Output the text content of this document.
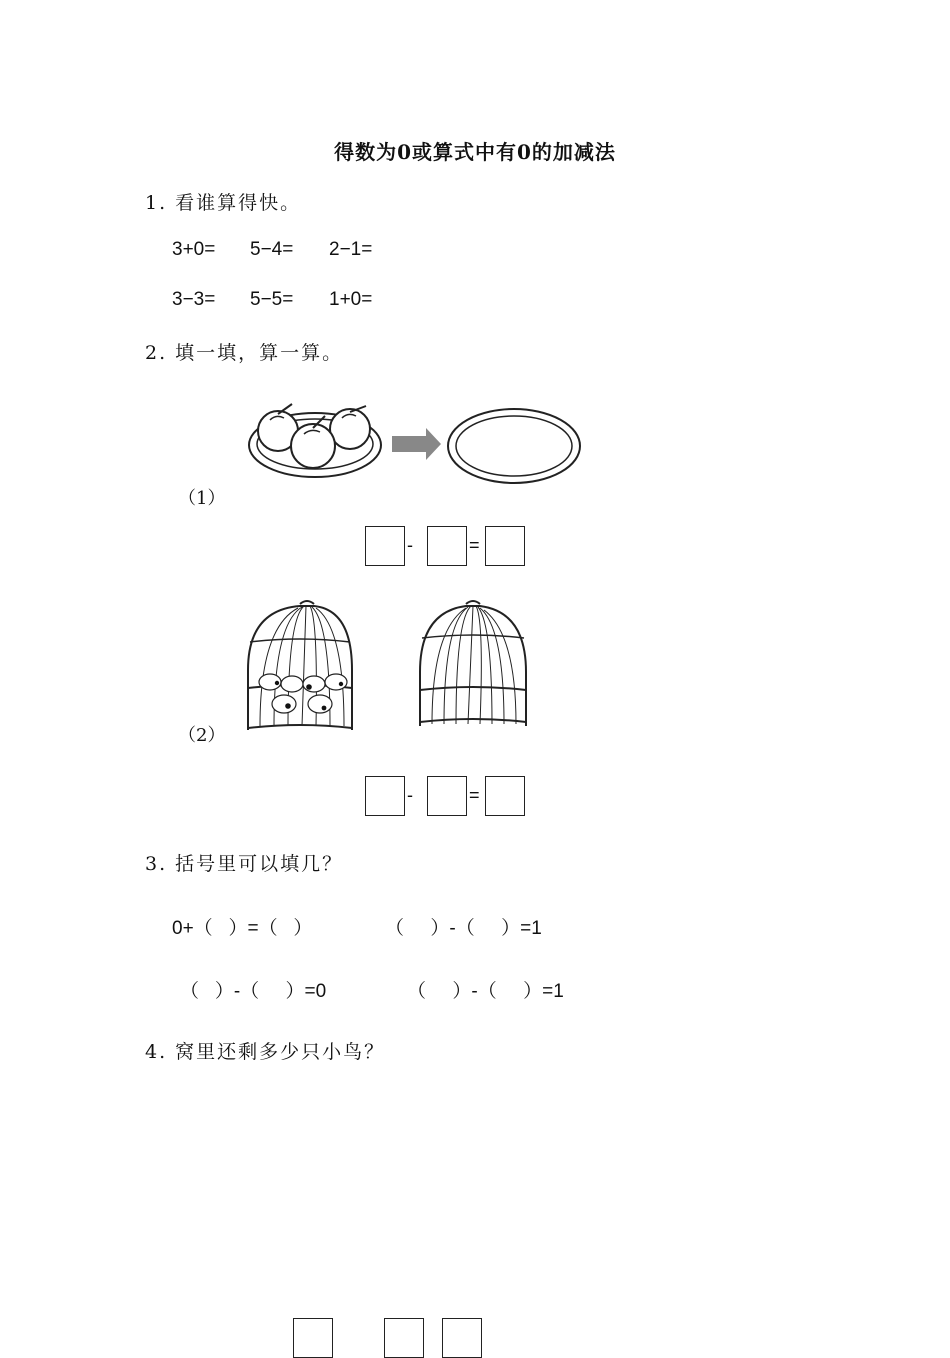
得数为0或算式中有0的加减法
1. 看谁算得快。
3+0= 5−4= 2−1=
3−3= 5−5= 1+0=
2. 填一填，算一算。
（1）
-	=
（2）
-	=
3. 括号里可以填几？
0+（   ）=（   ）	（     ）-（     ）=1
（   ）-（     ）=0	（     ）-（     ）=1
4. 窝里还剩多少只小鸟？
